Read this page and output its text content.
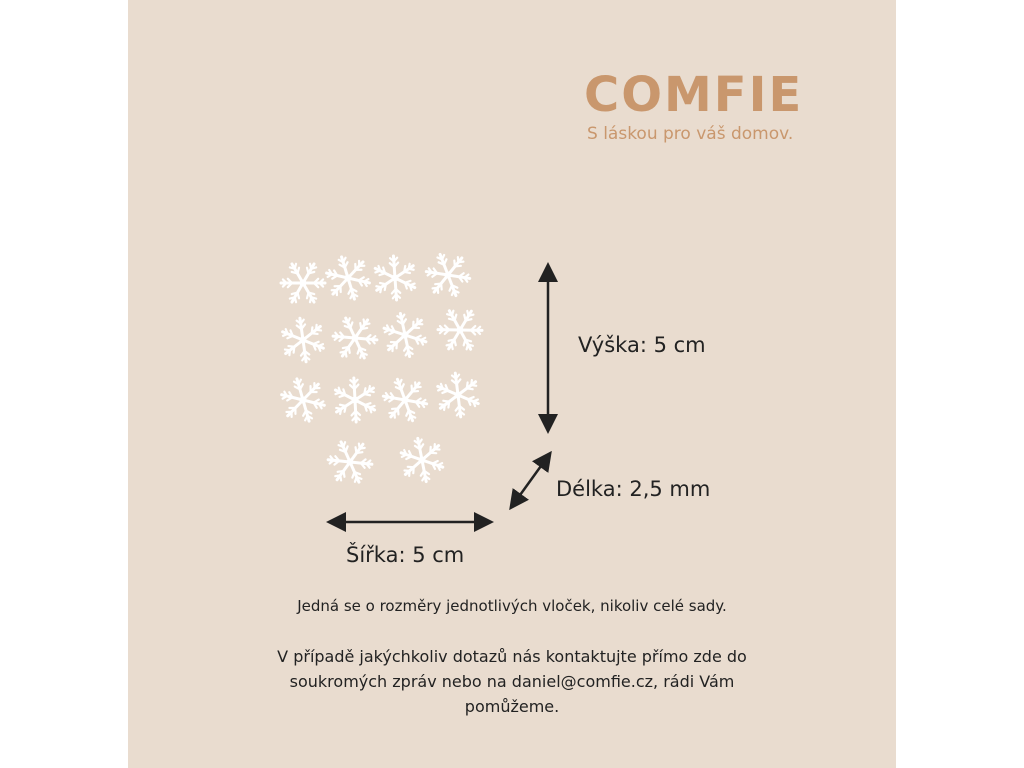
COMFIE
S láskou pro váš domov.
Výška: 5 cm
Délka: 2,5 mm
Šířka: 5 cm
Jedná se o rozměry jednotlivých vloček, nikoliv celé sady.
V případě jakýchkoliv dotazů nás kontaktujte přímo zde do
soukromých zpráv nebo na daniel@comfie.cz, rádi Vám
pomůžeme.
